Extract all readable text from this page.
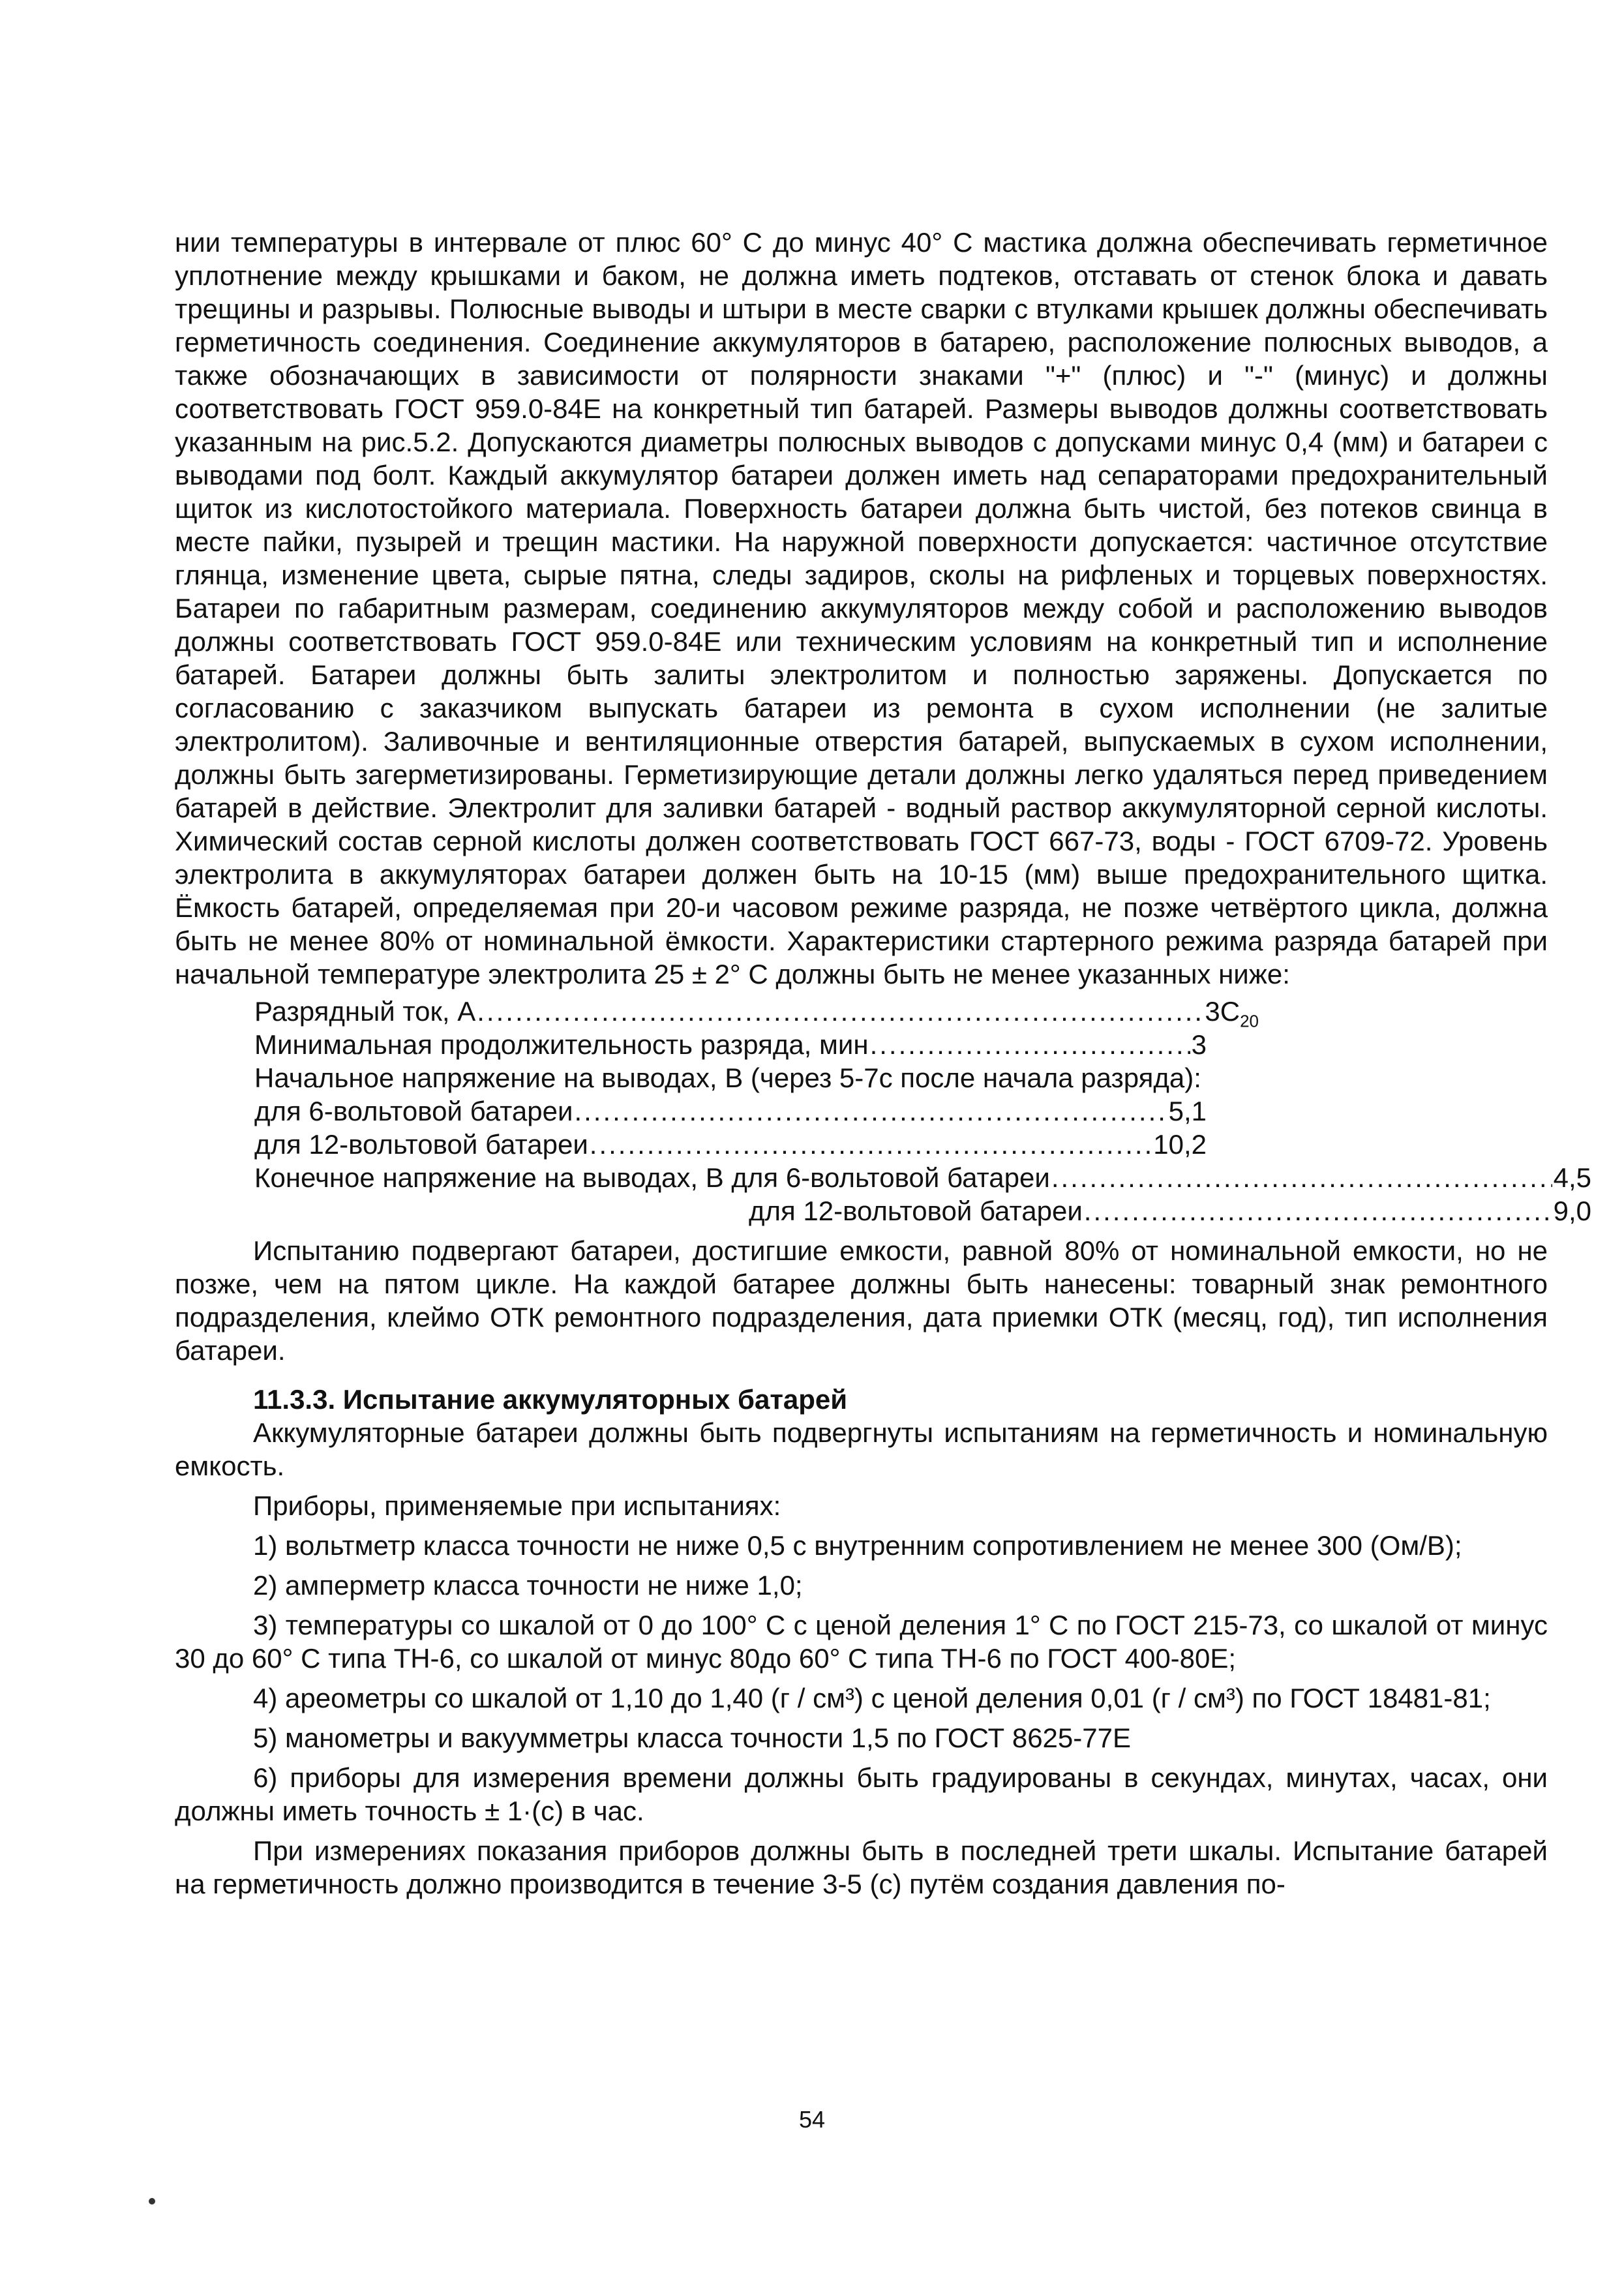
нии температуры в интервале от плюс 60° С до минус 40° С мастика должна обеспечивать герметичное уплотнение между крышками и баком, не должна иметь подтеков, отставать от стенок блока и давать трещины и разрывы. Полюсные выводы и штыри в месте сварки с втулками крышек должны обеспечивать герметичность соединения. Соединение аккумуляторов в батарею, расположение полюсных выводов, а также обозначающих в зависимости от полярности знаками "+" (плюс) и "-" (минус) и должны соответствовать ГОСТ 959.0-84Е на конкретный тип батарей. Размеры выводов должны соответствовать указанным на рис.5.2. Допускаются диаметры полюсных выводов с допусками минус 0,4 (мм) и батареи с выводами под болт. Каждый аккумулятор батареи должен иметь над сепараторами предохранительный щиток из кислотостойкого материала. Поверхность батареи должна быть чистой, без потеков свинца в месте пайки, пузырей и трещин мастики. На наружной поверхности допускается: частичное отсутствие глянца, изменение цвета, сырые пятна, следы задиров, сколы на рифленых и торцевых поверхностях. Батареи по габаритным размерам, соединению аккумуляторов между собой и расположению выводов должны соответствовать ГОСТ 959.0-84Е или техническим условиям на конкретный тип и исполнение батарей. Батареи должны быть залиты электролитом и полностью заряжены. Допускается по согласованию с заказчиком выпускать батареи из ремонта в сухом исполнении (не залитые электролитом). Заливочные и вентиляционные отверстия батарей, выпускаемых в сухом исполнении, должны быть загерметизированы. Герметизирующие детали должны легко удаляться перед приведением батарей в действие. Электролит для заливки батарей - водный раствор аккумуляторной серной кислоты. Химический состав серной кислоты должен соответствовать ГОСТ 667-73, воды - ГОСТ 6709-72. Уровень электролита в аккумуляторах батареи должен быть на 10-15 (мм) выше предохранительного щитка. Ёмкость батарей, определяемая при 20-и часовом режиме разряда, не позже четвёртого цикла, должна быть не менее 80% от номинальной ёмкости. Характеристики стартерного режима разряда батарей при начальной температуре электролита 25 ± 2° С должны быть не менее указанных ниже:

Разрядный ток, А .....	$3С_{20}$
Минимальная продолжительность разряда, мин .....	3
Начальное напряжение на выводах, В (через 5-7с после начала разряда):
для 6-вольтовой батареи .....	5,1
для 12-вольтовой батареи .....	10,2
Конечное напряжение на выводах, В для 6-вольтовой батареи .....	4,5
для 12-вольтовой батареи .....	9,0

Испытанию подвергают батареи, достигшие емкости, равной 80% от номинальной емкости, но не позже, чем на пятом цикле. На каждой батарее должны быть нанесены: товарный знак ремонтного подразделения, клеймо ОТК ремонтного подразделения, дата приемки ОТК (месяц, год), тип исполнения батареи.

11.3.3. Испытание аккумуляторных батарей

Аккумуляторные батареи должны быть подвергнуты испытаниям на герметичность и номинальную емкость.

Приборы, применяемые при испытаниях:

1) вольтметр класса точности не ниже 0,5 с внутренним сопротивлением не менее 300 (Ом/В);

2) амперметр класса точности не ниже 1,0;

3) температуры со шкалой от 0 до 100° С с ценой деления 1° С по ГОСТ 215-73, со шкалой от минус 30 до 60° С типа ТН-6, со шкалой от минус 80до 60° С типа ТН-6 по ГОСТ 400-80Е;

4) ареометры со шкалой от 1,10 до 1,40 (г / см³) с ценой деления 0,01 (г / см³) по ГОСТ 18481-81;

5) манометры и вакуумметры класса точности 1,5 по ГОСТ 8625-77Е

6) приборы для измерения времени должны быть градуированы в секундах, минутах, часах, они должны иметь точность ± 1·(с) в час.

При измерениях показания приборов должны быть в последней трети шкалы. Испытание батарей на герметичность должно производится в течение 3-5 (с) путём создания давления по-

54
